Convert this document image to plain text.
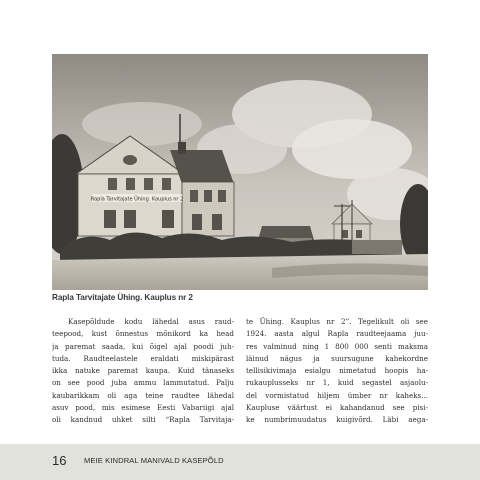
Rapla Tarvitajate Ühing. Kauplus nr 2
Rapla Tarvitajate Ühing. Kauplus nr 2
Kasepõldude kodu lähedal asus raud-
teepood, kust õnnestus mõnikord ka head
ja paremat saada, kui õigel ajal poodi juh-
tuda. Raudteelastele eraldati miskipärast
ikka natuke paremat kaupa. Kuid tänaseks
on see pood juba ammu lammutatud. Palju
kaubarikkam oli aga teine raudtee lähedal
asuv pood, mis esimese Eesti Vabariigi ajal
oli kandnud uhket silti “Rapla Tarvitaja-
te Ühing. Kauplus nr 2”. Tegelikult oli see
1924. aasta algul Rapla raudteejaama juu-
res valminud ning 1 800 000 senti maksma
läinud nägus ja suursugune kahekordne
tellisikivimaja esialgu nimetatud hoopis ha-
rukauplusseks nr 1, kuid segastel asjaolu-
del vormistatud hiljem ümber nr kaheks...
Kaupluse väärtust ei kahandanud see pisi-
ke numbrimuudatus kuigivõrd. Läbi aega-
16 MEIE KINDRAL MANIVALD KASEPÕLD
